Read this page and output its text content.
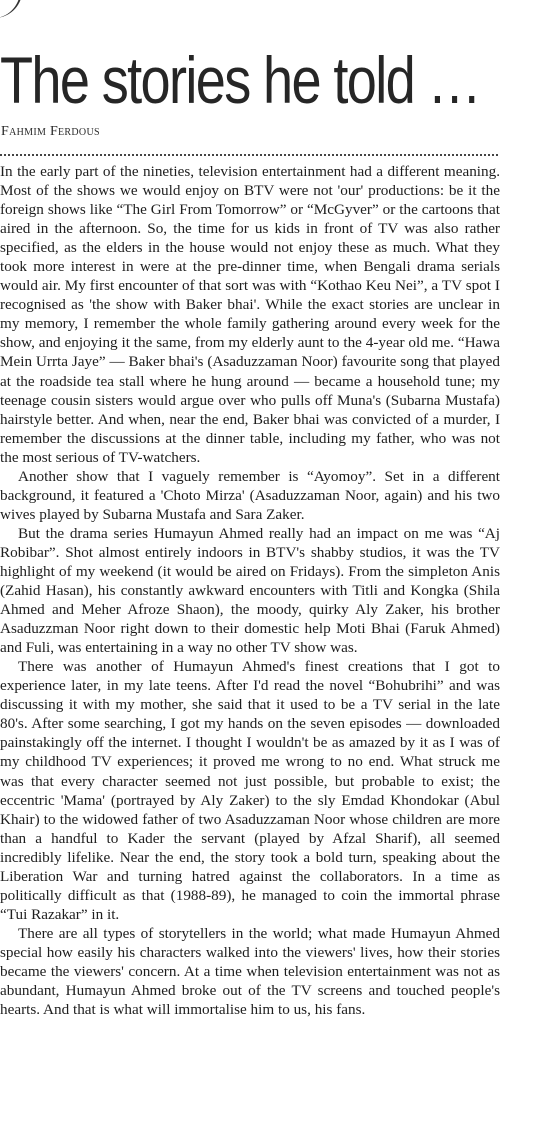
The stories he told …
Fahmim Ferdous

In the early part of the nineties, television entertainment had a different meaning. Most of the shows we would enjoy on BTV were not 'our' productions: be it the foreign shows like “The Girl From Tomorrow” or “McGyver” or the cartoons that aired in the afternoon. So, the time for us kids in front of TV was also rather specified, as the elders in the house would not enjoy these as much. What they took more interest in were at the pre-dinner time, when Bengali drama serials would air. My first encounter of that sort was with “Kothao Keu Nei”, a TV spot I recognised as 'the show with Baker bhai'. While the exact stories are unclear in my memory, I remember the whole family gathering around every week for the show, and enjoying it the same, from my elderly aunt to the 4-year old me. “Hawa Mein Urrta Jaye” — Baker bhai's (Asaduzzaman Noor) favourite song that played at the roadside tea stall where he hung around — became a household tune; my teenage cousin sisters would argue over who pulls off Muna's (Subarna Mustafa) hairstyle better. And when, near the end, Baker bhai was convicted of a murder, I remember the discussions at the dinner table, including my father, who was not the most serious of TV-watchers.

Another show that I vaguely remember is “Ayomoy”. Set in a different background, it featured a 'Choto Mirza' (Asaduzzaman Noor, again) and his two wives played by Subarna Mustafa and Sara Zaker.

But the drama series Humayun Ahmed really had an impact on me was “Aj Robibar”. Shot almost entirely indoors in BTV's shabby studios, it was the TV highlight of my weekend (it would be aired on Fridays). From the simpleton Anis (Zahid Hasan), his constantly awkward encounters with Titli and Kongka (Shila Ahmed and Meher Afroze Shaon), the moody, quirky Aly Zaker, his brother Asaduzzman Noor right down to their domestic help Moti Bhai (Faruk Ahmed) and Fuli, was entertaining in a way no other TV show was.

There was another of Humayun Ahmed's finest creations that I got to experience later, in my late teens. After I'd read the novel “Bohubrihi” and was discussing it with my mother, she said that it used to be a TV serial in the late 80's. After some searching, I got my hands on the seven episodes — downloaded painstakingly off the internet. I thought I wouldn't be as amazed by it as I was of my childhood TV experiences; it proved me wrong to no end. What struck me was that every character seemed not just possible, but probable to exist; the eccentric 'Mama' (portrayed by Aly Zaker) to the sly Emdad Khondokar (Abul Khair) to the widowed father of two Asaduzzaman Noor whose children are more than a handful to Kader the servant (played by Afzal Sharif), all seemed incredibly lifelike. Near the end, the story took a bold turn, speaking about the Liberation War and turning hatred against the collaborators. In a time as politically difficult as that (1988-89), he managed to coin the immortal phrase “Tui Razakar” in it.

There are all types of storytellers in the world; what made Humayun Ahmed special how easily his characters walked into the viewers' lives, how their stories became the viewers' concern. At a time when television entertainment was not as abundant, Humayun Ahmed broke out of the TV screens and touched people's hearts. And that is what will immortalise him to us, his fans.
